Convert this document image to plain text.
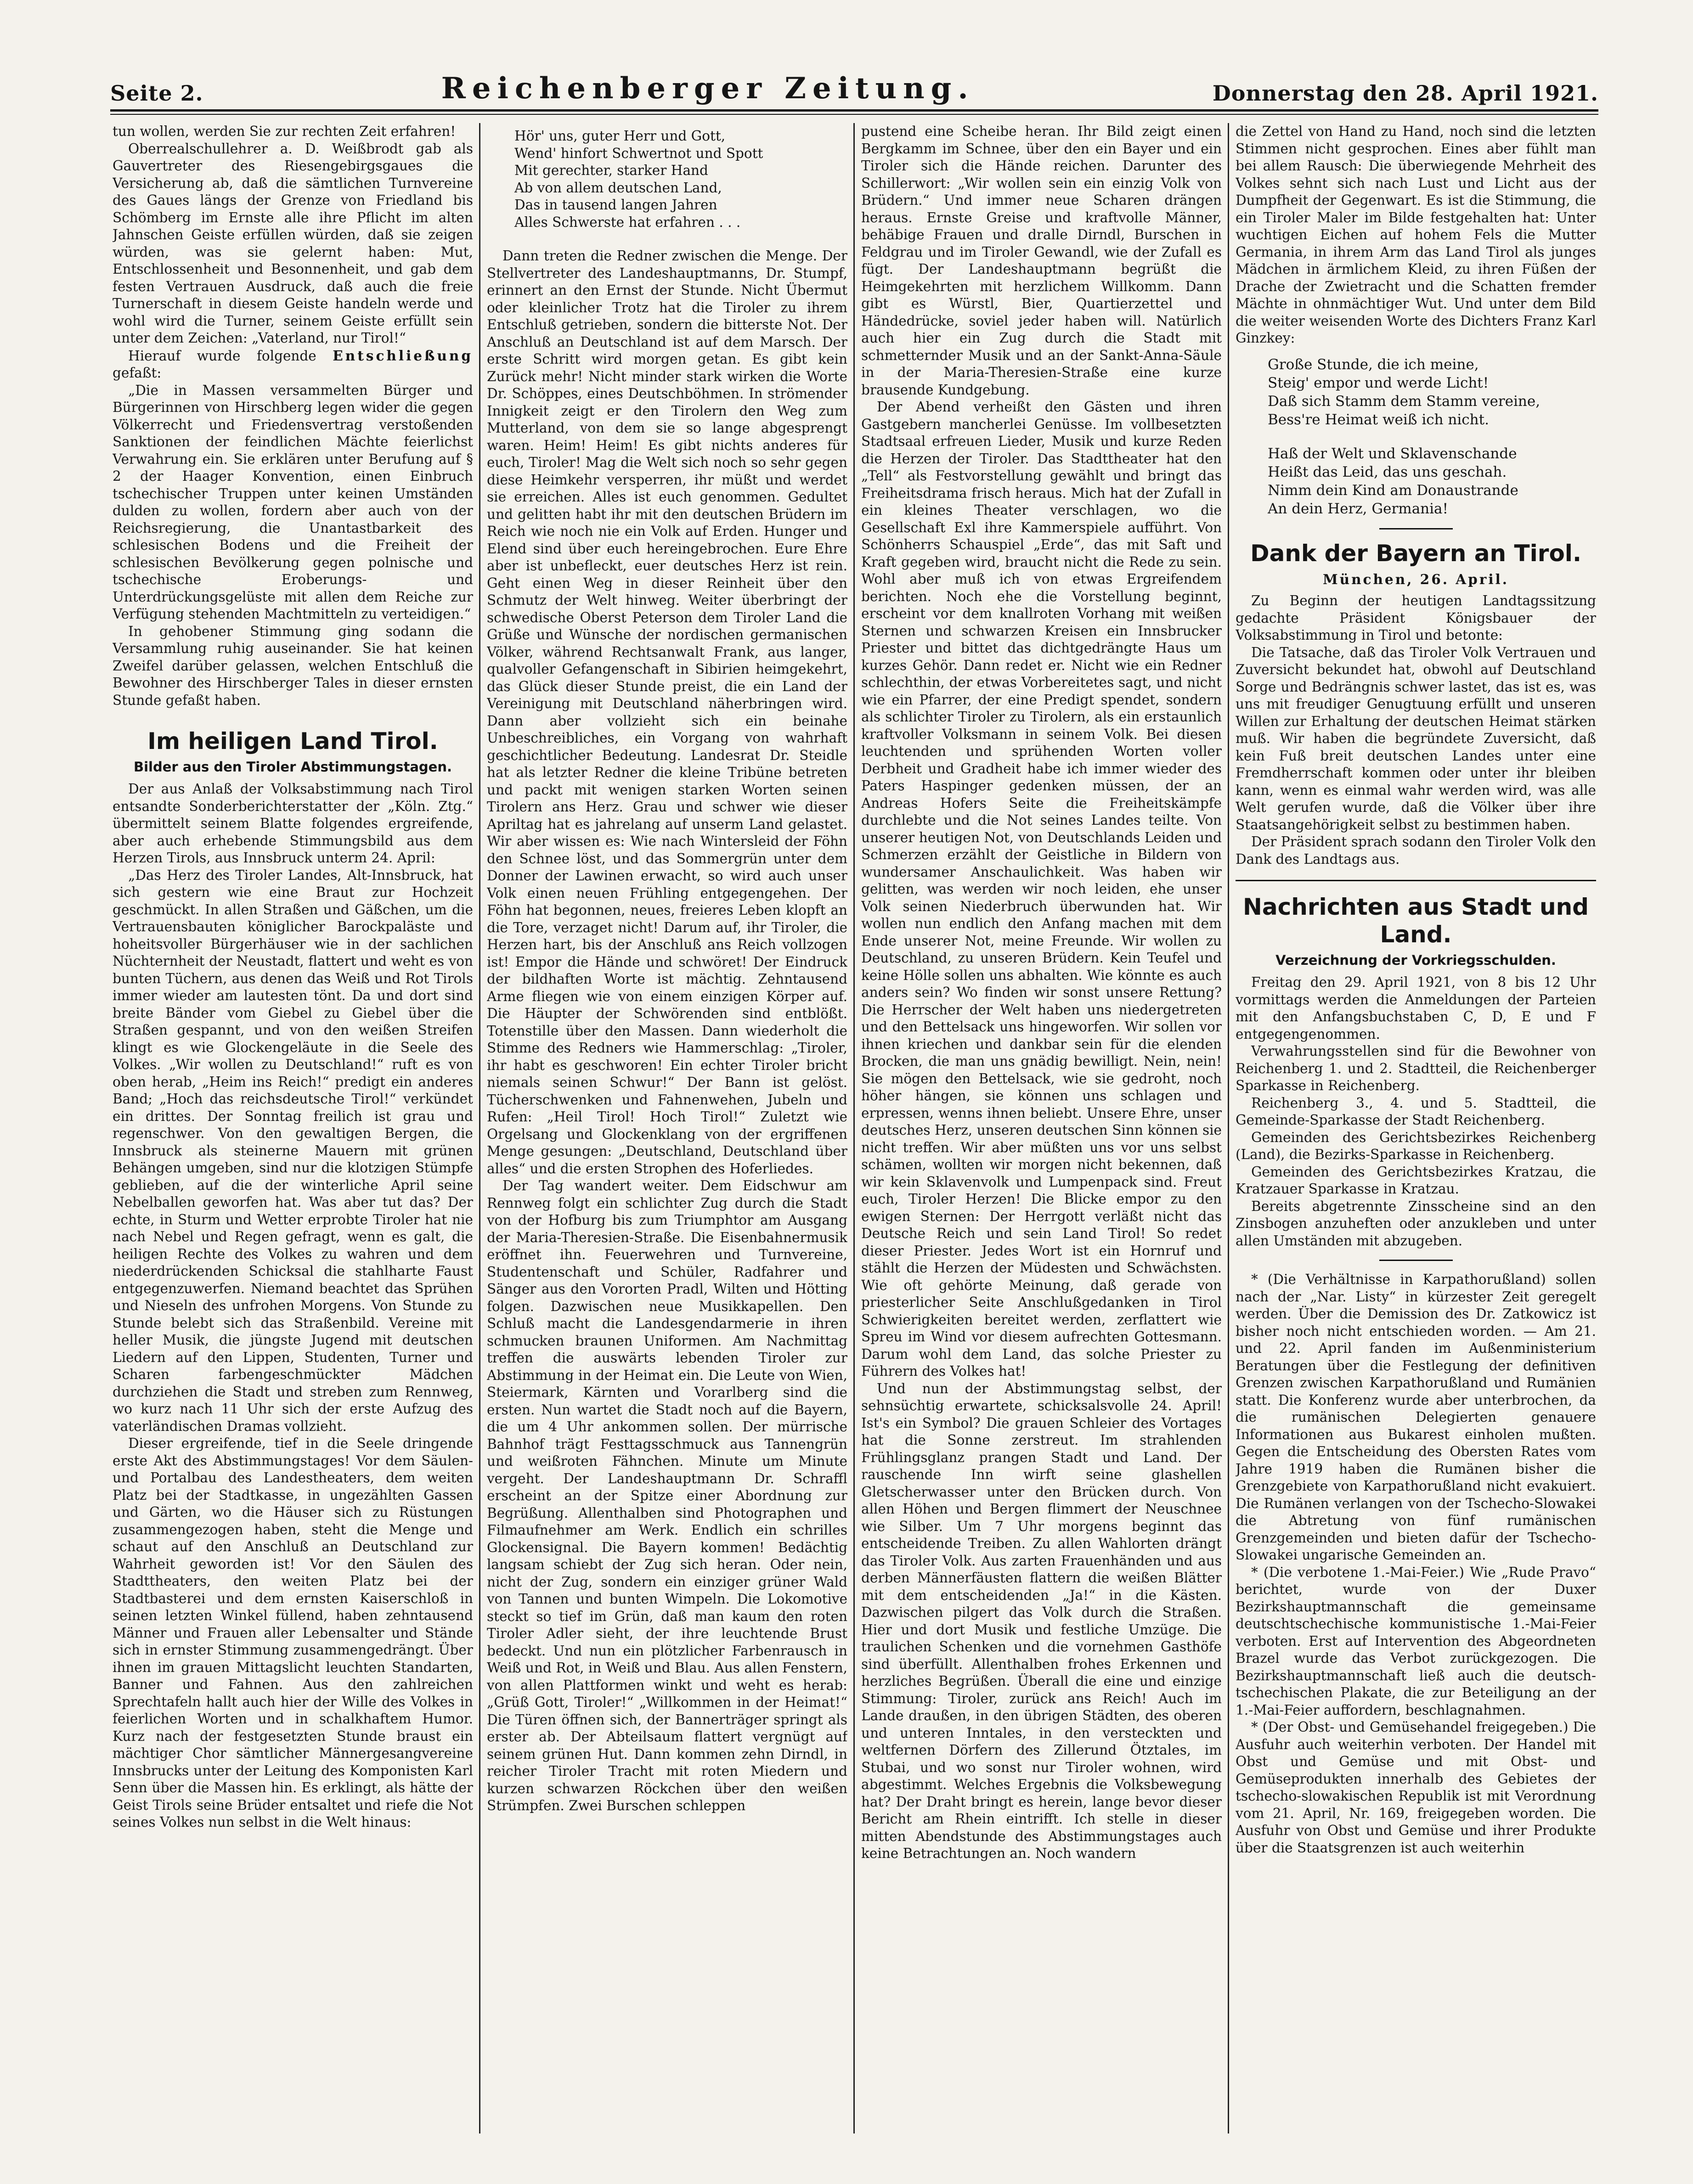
Seite 2.	Reichenberger Zeitung.	Donnerstag den 28. April 1921.

tun wollen, werden Sie zur rechten Zeit erfahren!

Oberrealschullehrer a. D. Weißbrodt gab als Gauvertreter des Riesengebirgsgaues die Versicherung ab, daß die sämtlichen Turnvereine des Gaues längs der Grenze von Friedland bis Schömberg im Ernste alle ihre Pflicht im alten Jahnschen Geiste erfüllen würden, daß sie zeigen würden, was sie gelernt haben: Mut, Entschlossenheit und Besonnenheit, und gab dem festen Vertrauen Ausdruck, daß auch die freie Turnerschaft in diesem Geiste handeln werde und wohl wird die Turner, seinem Geiste erfüllt sein unter dem Zeichen: „Vaterland, nur Tirol!“

Hierauf wurde folgende Entschließung gefaßt:

„Die in Massen versammelten Bürger und Bürgerinnen von Hirschberg legen wider die gegen Völkerrecht und Friedensvertrag verstoßenden Sanktionen der feindlichen Mächte feierlichst Verwahrung ein. Sie erklären unter Berufung auf § 2 der Haager Konvention, einen Einbruch tschechischer Truppen unter keinen Umständen dulden zu wollen, fordern aber auch von der Reichsregierung, die Unantastbarkeit des schlesischen Bodens und die Freiheit der schlesischen Bevölkerung gegen polnische und tschechische Eroberungs- und Unterdrückungsgelüste mit allen dem Reiche zur Verfügung stehenden Machtmitteln zu verteidigen.“

In gehobener Stimmung ging sodann die Versammlung ruhig auseinander. Sie hat keinen Zweifel darüber gelassen, welchen Entschluß die Bewohner des Hirschberger Tales in dieser ernsten Stunde gefaßt haben.

Im heiligen Land Tirol.
Bilder aus den Tiroler Abstimmungstagen.

Der aus Anlaß der Volksabstimmung nach Tirol entsandte Sonderberichterstatter der „Köln. Ztg.“ übermittelt seinem Blatte folgendes ergreifende, aber auch erhebende Stimmungsbild aus dem Herzen Tirols, aus Innsbruck unterm 24. April:

„Das Herz des Tiroler Landes, Alt-Innsbruck, hat sich gestern wie eine Braut zur Hochzeit geschmückt. In allen Straßen und Gäßchen, um die Vertrauensbauten königlicher Barockpaläste und hoheitsvoller Bürgerhäuser wie in der sachlichen Nüchternheit der Neustadt, flattert und weht es von bunten Tüchern, aus denen das Weiß und Rot Tirols immer wieder am lautesten tönt. Da und dort sind breite Bänder vom Giebel zu Giebel über die Straßen gespannt, und von den weißen Streifen klingt es wie Glockengeläute in die Seele des Volkes. „Wir wollen zu Deutschland!“ ruft es von oben herab, „Heim ins Reich!“ predigt ein anderes Band; „Hoch das reichsdeutsche Tirol!“ verkündet ein drittes. Der Sonntag freilich ist grau und regenschwer. Von den gewaltigen Bergen, die Innsbruck als steinerne Mauern mit grünen Behängen umgeben, sind nur die klotzigen Stümpfe geblieben, auf die der winterliche April seine Nebelballen geworfen hat. Was aber tut das? Der echte, in Sturm und Wetter erprobte Tiroler hat nie nach Nebel und Regen gefragt, wenn es galt, die heiligen Rechte des Volkes zu wahren und dem niederdrückenden Schicksal die stahlharte Faust entgegenzuwerfen. Niemand beachtet das Sprühen und Nieseln des unfrohen Morgens. Von Stunde zu Stunde belebt sich das Straßenbild. Vereine mit heller Musik, die jüngste Jugend mit deutschen Liedern auf den Lippen, Studenten, Turner und Scharen farbengeschmückter Mädchen durchziehen die Stadt und streben zum Rennweg, wo kurz nach 11 Uhr sich der erste Aufzug des vaterländischen Dramas vollzieht.

Dieser ergreifende, tief in die Seele dringende erste Akt des Abstimmungstages! Vor dem Säulen- und Portalbau des Landestheaters, dem weiten Platz bei der Stadtkasse, in ungezählten Gassen und Gärten, wo die Häuser sich zu Rüstungen zusammengezogen haben, steht die Menge und schaut auf den Anschluß an Deutschland zur Wahrheit geworden ist! Vor den Säulen des Stadttheaters, den weiten Platz bei der Stadtbasterei und dem ernsten Kaiserschloß in seinen letzten Winkel füllend, haben zehntausend Männer und Frauen aller Lebensalter und Stände sich in ernster Stimmung zusammengedrängt. Über ihnen im grauen Mittagslicht leuchten Standarten, Banner und Fahnen. Aus den zahlreichen Sprechtafeln hallt auch hier der Wille des Volkes in feierlichen Worten und in schalkhaftem Humor. Kurz nach der festgesetzten Stunde braust ein mächtiger Chor sämtlicher Männergesangvereine Innsbrucks unter der Leitung des Komponisten Karl Senn über die Massen hin. Es erklingt, als hätte der Geist Tirols seine Brüder entsaltet und riefe die Not seines Volkes nun selbst in die Welt hinaus:

Hör' uns, guter Herr und Gott,
Wend' hinfort Schwertnot und Spott
Mit gerechter, starker Hand
Ab von allem deutschen Land,
Das in tausend langen Jahren
Alles Schwerste hat erfahren . . .

Dann treten die Redner zwischen die Menge. Der Stellvertreter des Landeshauptmanns, Dr. Stumpf, erinnert an den Ernst der Stunde. Nicht Übermut oder kleinlicher Trotz hat die Tiroler zu ihrem Entschluß getrieben, sondern die bitterste Not. Der Anschluß an Deutschland ist auf dem Marsch. Der erste Schritt wird morgen getan. Es gibt kein Zurück mehr! Nicht minder stark wirken die Worte Dr. Schöppes, eines Deutschböhmen. In strömender Innigkeit zeigt er den Tirolern den Weg zum Mutterland, von dem sie so lange abgesprengt waren. Heim! Heim! Es gibt nichts anderes für euch, Tiroler! Mag die Welt sich noch so sehr gegen diese Heimkehr versperren, ihr müßt und werdet sie erreichen. Alles ist euch genommen. Gedultet und gelitten habt ihr mit den deutschen Brüdern im Reich wie noch nie ein Volk auf Erden. Hunger und Elend sind über euch hereingebrochen. Eure Ehre aber ist unbefleckt, euer deutsches Herz ist rein. Geht einen Weg in dieser Reinheit über den Schmutz der Welt hinweg. Weiter überbringt der schwedische Oberst Peterson dem Tiroler Land die Grüße und Wünsche der nordischen germanischen Völker, während Rechtsanwalt Frank, aus langer, qualvoller Gefangenschaft in Sibirien heimgekehrt, das Glück dieser Stunde preist, die ein Land der Vereinigung mit Deutschland näherbringen wird. Dann aber vollzieht sich ein beinahe Unbeschreibliches, ein Vorgang von wahrhaft geschichtlicher Bedeutung. Landesrat Dr. Steidle hat als letzter Redner die kleine Tribüne betreten und packt mit wenigen starken Worten seinen Tirolern ans Herz. Grau und schwer wie dieser Apriltag hat es jahrelang auf unserm Land gelastet. Wir aber wissen es: Wie nach Wintersleid der Föhn den Schnee löst, und das Sommergrün unter dem Donner der Lawinen erwacht, so wird auch unser Volk einen neuen Frühling entgegengehen. Der Föhn hat begonnen, neues, freieres Leben klopft an die Tore, verzaget nicht! Darum auf, ihr Tiroler, die Herzen hart, bis der Anschluß ans Reich vollzogen ist! Empor die Hände und schwöret! Der Eindruck der bildhaften Worte ist mächtig. Zehntausend Arme fliegen wie von einem einzigen Körper auf. Die Häupter der Schwörenden sind entblößt. Totenstille über den Massen. Dann wiederholt die Stimme des Redners wie Hammerschlag: „Tiroler, ihr habt es geschworen! Ein echter Tiroler bricht niemals seinen Schwur!“ Der Bann ist gelöst. Tücherschwenken und Fahnenwehen, Jubeln und Rufen: „Heil Tirol! Hoch Tirol!“ Zuletzt wie Orgelsang und Glockenklang von der ergriffenen Menge gesungen: „Deutschland, Deutschland über alles“ und die ersten Strophen des Hoferliedes.

Der Tag wandert weiter. Dem Eidschwur am Rennweg folgt ein schlichter Zug durch die Stadt von der Hofburg bis zum Triumphtor am Ausgang der Maria-Theresien-Straße. Die Eisenbahnermusik eröffnet ihn. Feuerwehren und Turnvereine, Studentenschaft und Schüler, Radfahrer und Sänger aus den Vororten Pradl, Wilten und Hötting folgen. Dazwischen neue Musikkapellen. Den Schluß macht die Landesgendarmerie in ihren schmucken braunen Uniformen. Am Nachmittag treffen die auswärts lebenden Tiroler zur Abstimmung in der Heimat ein. Die Leute von Wien, Steiermark, Kärnten und Vorarlberg sind die ersten. Nun wartet die Stadt noch auf die Bayern, die um 4 Uhr ankommen sollen. Der mürrische Bahnhof trägt Festtagsschmuck aus Tannengrün und weißroten Fähnchen. Minute um Minute vergeht. Der Landeshauptmann Dr. Schraffl erscheint an der Spitze einer Abordnung zur Begrüßung. Allenthalben sind Photographen und Filmaufnehmer am Werk. Endlich ein schrilles Glockensignal. Die Bayern kommen! Bedächtig langsam schiebt der Zug sich heran. Oder nein, nicht der Zug, sondern ein einziger grüner Wald von Tannen und bunten Wimpeln. Die Lokomotive steckt so tief im Grün, daß man kaum den roten Tiroler Adler sieht, der ihre leuchtende Brust bedeckt. Und nun ein plötzlicher Farbenrausch in Weiß und Rot, in Weiß und Blau. Aus allen Fenstern, von allen Plattformen winkt und weht es herab: „Grüß Gott, Tiroler!“ „Willkommen in der Heimat!“ Die Türen öffnen sich, der Bannerträger springt als erster ab. Der Abteilsaum flattert vergnügt auf seinem grünen Hut. Dann kommen zehn Dirndl, in reicher Tiroler Tracht mit roten Miedern und kurzen schwarzen Röckchen über den weißen Strümpfen. Zwei Burschen schleppen

pustend eine Scheibe heran. Ihr Bild zeigt einen Bergkamm im Schnee, über den ein Bayer und ein Tiroler sich die Hände reichen. Darunter des Schillerwort: „Wir wollen sein ein einzig Volk von Brüdern.“ Und immer neue Scharen drängen heraus. Ernste Greise und kraftvolle Männer, behäbige Frauen und dralle Dirndl, Burschen in Feldgrau und im Tiroler Gewandl, wie der Zufall es fügt. Der Landeshauptmann begrüßt die Heimgekehrten mit herzlichem Willkomm. Dann gibt es Würstl, Bier, Quartierzettel und Händedrücke, soviel jeder haben will. Natürlich auch hier ein Zug durch die Stadt mit schmetternder Musik und an der Sankt-Anna-Säule in der Maria-Theresien-Straße eine kurze brausende Kundgebung.

Der Abend verheißt den Gästen und ihren Gastgebern mancherlei Genüsse. Im vollbesetzten Stadtsaal erfreuen Lieder, Musik und kurze Reden die Herzen der Tiroler. Das Stadttheater hat den „Tell“ als Festvorstellung gewählt und bringt das Freiheitsdrama frisch heraus. Mich hat der Zufall in ein kleines Theater verschlagen, wo die Gesellschaft Exl ihre Kammerspiele aufführt. Von Schönherrs Schauspiel „Erde“, das mit Saft und Kraft gegeben wird, braucht nicht die Rede zu sein. Wohl aber muß ich von etwas Ergreifendem berichten. Noch ehe die Vorstellung beginnt, erscheint vor dem knallroten Vorhang mit weißen Sternen und schwarzen Kreisen ein Innsbrucker Priester und bittet das dichtgedrängte Haus um kurzes Gehör. Dann redet er. Nicht wie ein Redner schlechthin, der etwas Vorbereitetes sagt, und nicht wie ein Pfarrer, der eine Predigt spendet, sondern als schlichter Tiroler zu Tirolern, als ein erstaunlich kraftvoller Volksmann in seinem Volk. Bei diesen leuchtenden und sprühenden Worten voller Derbheit und Gradheit habe ich immer wieder des Paters Haspinger gedenken müssen, der an Andreas Hofers Seite die Freiheitskämpfe durchlebte und die Not seines Landes teilte. Von unserer heutigen Not, von Deutschlands Leiden und Schmerzen erzählt der Geistliche in Bildern von wundersamer Anschaulichkeit. Was haben wir gelitten, was werden wir noch leiden, ehe unser Volk seinen Niederbruch überwunden hat. Wir wollen nun endlich den Anfang machen mit dem Ende unserer Not, meine Freunde. Wir wollen zu Deutschland, zu unseren Brüdern. Kein Teufel und keine Hölle sollen uns abhalten. Wie könnte es auch anders sein? Wo finden wir sonst unsere Rettung? Die Herrscher der Welt haben uns niedergetreten und den Bettelsack uns hingeworfen. Wir sollen vor ihnen kriechen und dankbar sein für die elenden Brocken, die man uns gnädig bewilligt. Nein, nein! Sie mögen den Bettelsack, wie sie gedroht, noch höher hängen, sie können uns schlagen und erpressen, wenns ihnen beliebt. Unsere Ehre, unser deutsches Herz, unseren deutschen Sinn können sie nicht treffen. Wir aber müßten uns vor uns selbst schämen, wollten wir morgen nicht bekennen, daß wir kein Sklavenvolk und Lumpenpack sind. Freut euch, Tiroler Herzen! Die Blicke empor zu den ewigen Sternen: Der Herrgott verläßt nicht das Deutsche Reich und sein Land Tirol! So redet dieser Priester. Jedes Wort ist ein Hornruf und stählt die Herzen der Müdesten und Schwächsten. Wie oft gehörte Meinung, daß gerade von priesterlicher Seite Anschlußgedanken in Tirol Schwierigkeiten bereitet werden, zerflattert wie Spreu im Wind vor diesem aufrechten Gottesmann. Darum wohl dem Land, das solche Priester zu Führern des Volkes hat!

Und nun der Abstimmungstag selbst, der sehnsüchtig erwartete, schicksalsvolle 24. April! Ist's ein Symbol? Die grauen Schleier des Vortages hat die Sonne zerstreut. Im strahlenden Frühlingsglanz prangen Stadt und Land. Der rauschende Inn wirft seine glashellen Gletscherwasser unter den Brücken durch. Von allen Höhen und Bergen flimmert der Neuschnee wie Silber. Um 7 Uhr morgens beginnt das entscheidende Treiben. Zu allen Wahlorten drängt das Tiroler Volk. Aus zarten Frauenhänden und aus derben Männerfäusten flattern die weißen Blätter mit dem entscheidenden „Ja!“ in die Kästen. Dazwischen pilgert das Volk durch die Straßen. Hier und dort Musik und festliche Umzüge. Die traulichen Schenken und die vornehmen Gasthöfe sind überfüllt. Allenthalben frohes Erkennen und herzliches Begrüßen. Überall die eine und einzige Stimmung: Tiroler, zurück ans Reich! Auch im Lande draußen, in den übrigen Städten, des oberen und unteren Inntales, in den versteckten und weltfernen Dörfern des Zillerund Ötztales, im Stubai, und wo sonst nur Tiroler wohnen, wird abgestimmt. Welches Ergebnis die Volksbewegung hat? Der Draht bringt es herein, lange bevor dieser Bericht am Rhein eintrifft. Ich stelle in dieser mitten Abendstunde des Abstimmungstages auch keine Betrachtungen an. Noch wandern

die Zettel von Hand zu Hand, noch sind die letzten Stimmen nicht gesprochen. Eines aber fühlt man bei allem Rausch: Die überwiegende Mehrheit des Volkes sehnt sich nach Lust und Licht aus der Dumpfheit der Gegenwart. Es ist die Stimmung, die ein Tiroler Maler im Bilde festgehalten hat: Unter wuchtigen Eichen auf hohem Fels die Mutter Germania, in ihrem Arm das Land Tirol als junges Mädchen in ärmlichem Kleid, zu ihren Füßen der Drache der Zwietracht und die Schatten fremder Mächte in ohnmächtiger Wut. Und unter dem Bild die weiter weisenden Worte des Dichters Franz Karl Ginzkey:

Große Stunde, die ich meine,
Steig' empor und werde Licht!
Daß sich Stamm dem Stamm vereine,
Bess're Heimat weiß ich nicht.
Haß der Welt und Sklavenschande
Heißt das Leid, das uns geschah.
Nimm dein Kind am Donaustrande
An dein Herz, Germania!
Dank der Bayern an Tirol.
München, 26. April.

Zu Beginn der heutigen Landtagssitzung gedachte Präsident Königsbauer der Volksabstimmung in Tirol und betonte:

Die Tatsache, daß das Tiroler Volk Vertrauen und Zuversicht bekundet hat, obwohl auf Deutschland Sorge und Bedrängnis schwer lastet, das ist es, was uns mit freudiger Genugtuung erfüllt und unseren Willen zur Erhaltung der deutschen Heimat stärken muß. Wir haben die begründete Zuversicht, daß kein Fuß breit deutschen Landes unter eine Fremdherrschaft kommen oder unter ihr bleiben kann, wenn es einmal wahr werden wird, was alle Welt gerufen wurde, daß die Völker über ihre Staatsangehörigkeit selbst zu bestimmen haben.

Der Präsident sprach sodann den Tiroler Volk den Dank des Landtags aus.

Nachrichten aus Stadt und Land.
Verzeichnung der Vorkriegsschulden.

Freitag den 29. April 1921, von 8 bis 12 Uhr vormittags werden die Anmeldungen der Parteien mit den Anfangsbuchstaben C, D, E und F entgegengenommen.

Verwahrungsstellen sind für die Bewohner von Reichenberg 1. und 2. Stadtteil, die Reichenberger Sparkasse in Reichenberg.

Reichenberg 3., 4. und 5. Stadtteil, die Gemeinde-Sparkasse der Stadt Reichenberg.

Gemeinden des Gerichtsbezirkes Reichenberg (Land), die Bezirks-Sparkasse in Reichenberg.

Gemeinden des Gerichtsbezirkes Kratzau, die Kratzauer Sparkasse in Kratzau.

Bereits abgetrennte Zinsscheine sind an den Zinsbogen anzuheften oder anzukleben und unter allen Umständen mit abzugeben.

* (Die Verhältnisse in Karpathorußland) sollen nach der „Nar. Listy“ in kürzester Zeit geregelt werden. Über die Demission des Dr. Zatkowicz ist bisher noch nicht entschieden worden. — Am 21. und 22. April fanden im Außenministerium Beratungen über die Festlegung der definitiven Grenzen zwischen Karpathorußland und Rumänien statt. Die Konferenz wurde aber unterbrochen, da die rumänischen Delegierten genauere Informationen aus Bukarest einholen mußten. Gegen die Entscheidung des Obersten Rates vom Jahre 1919 haben die Rumänen bisher die Grenzgebiete von Karpathorußland nicht evakuiert. Die Rumänen verlangen von der Tschecho-Slowakei die Abtretung von fünf rumänischen Grenzgemeinden und bieten dafür der Tschecho-Slowakei ungarische Gemeinden an.

* (Die verbotene 1.-Mai-Feier.) Wie „Rude Pravo“ berichtet, wurde von der Duxer Bezirkshauptmannschaft die gemeinsame deutschtschechische kommunistische 1.-Mai-Feier verboten. Erst auf Intervention des Abgeordneten Brazel wurde das Verbot zurückgezogen. Die Bezirkshauptmannschaft ließ auch die deutsch-tschechischen Plakate, die zur Beteiligung an der 1.-Mai-Feier auffordern, beschlagnahmen.

* (Der Obst- und Gemüsehandel freigegeben.) Die Ausfuhr auch weiterhin verboten. Der Handel mit Obst und Gemüse und mit Obst- und Gemüseprodukten innerhalb des Gebietes der tschecho-slowakischen Republik ist mit Verordnung vom 21. April, Nr. 169, freigegeben worden. Die Ausfuhr von Obst und Gemüse und ihrer Produkte über die Staatsgrenzen ist auch weiterhin
